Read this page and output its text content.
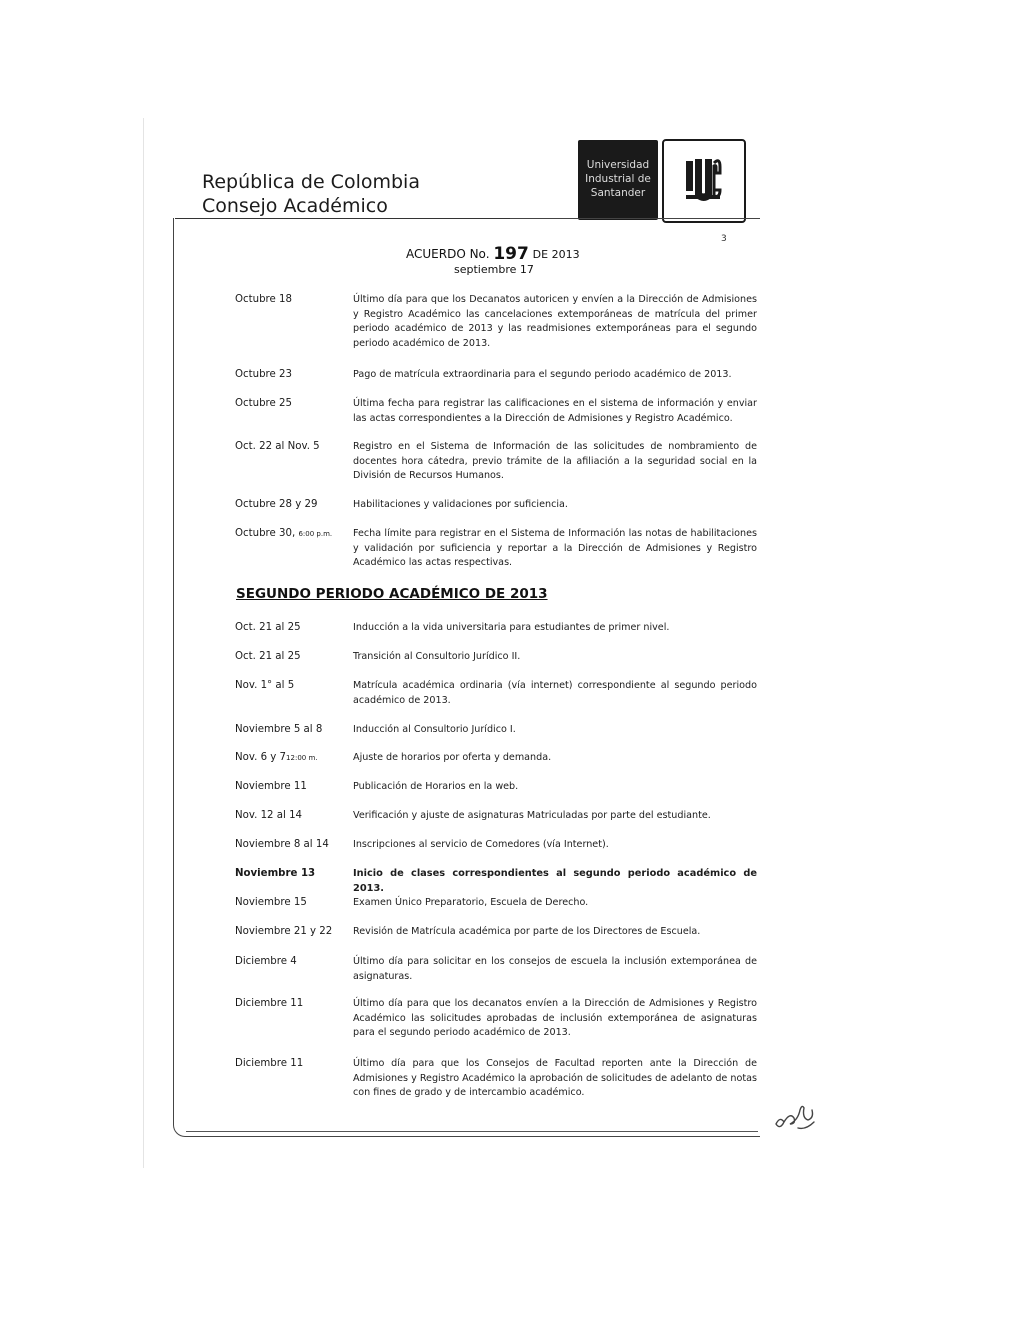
República de Colombia
Consejo Académico
Universidad
Industrial de
Santander
3
ACUERDO No. 197 DE 2013
septiembre 17
Octubre 18	Último día para que los Decanatos autoricen y envíen a la Dirección de Admisiones y Registro Académico las cancelaciones extemporáneas de matrícula del primer periodo académico de 2013 y las readmisiones extemporáneas para el segundo periodo académico de 2013.
Octubre 23	Pago de matrícula extraordinaria para el segundo periodo académico de 2013.
Octubre 25	Última fecha para registrar las calificaciones en el sistema de información y enviar las actas correspondientes a la Dirección de Admisiones y Registro Académico.
Oct. 22 al Nov. 5	Registro en el Sistema de Información de las solicitudes de nombramiento de docentes hora cátedra, previo trámite de la afiliación a la seguridad social en la División de Recursos Humanos.
Octubre 28 y 29	Habilitaciones y validaciones por suficiencia.
Octubre 30, 6:00 p.m.	Fecha límite para registrar en el Sistema de Información las notas de habilitaciones y validación por suficiencia y reportar a la Dirección de Admisiones y Registro Académico las actas respectivas.
SEGUNDO PERIODO ACADÉMICO DE 2013
Oct. 21 al 25	Inducción a la vida universitaria para estudiantes de primer nivel.
Oct. 21 al 25	Transición al Consultorio Jurídico II.
Nov. 1° al 5	Matrícula académica ordinaria (vía internet) correspondiente al segundo periodo académico de 2013.
Noviembre 5 al 8	Inducción al Consultorio Jurídico I.
Nov. 6 y 712:00 m.	Ajuste de horarios por oferta y demanda.
Noviembre 11	Publicación de Horarios en la web.
Nov. 12 al 14	Verificación y ajuste de asignaturas Matriculadas por parte del estudiante.
Noviembre 8 al 14	Inscripciones al servicio de Comedores (vía Internet).
Noviembre 13	Inicio de clases correspondientes al segundo periodo académico de 2013.
Noviembre 15	Examen Único Preparatorio, Escuela de Derecho.
Noviembre 21 y 22	Revisión de Matrícula académica por parte de los Directores de Escuela.
Diciembre 4	Último día para solicitar en los consejos de escuela la inclusión extemporánea de asignaturas.
Diciembre 11	Último día para que los decanatos envíen a la Dirección de Admisiones y Registro Académico las solicitudes aprobadas de inclusión extemporánea de asignaturas para el segundo periodo académico de 2013.
Diciembre 11	Último día para que los Consejos de Facultad reporten ante la Dirección de Admisiones y Registro Académico la aprobación de solicitudes de adelanto de notas con fines de grado y de intercambio académico.
